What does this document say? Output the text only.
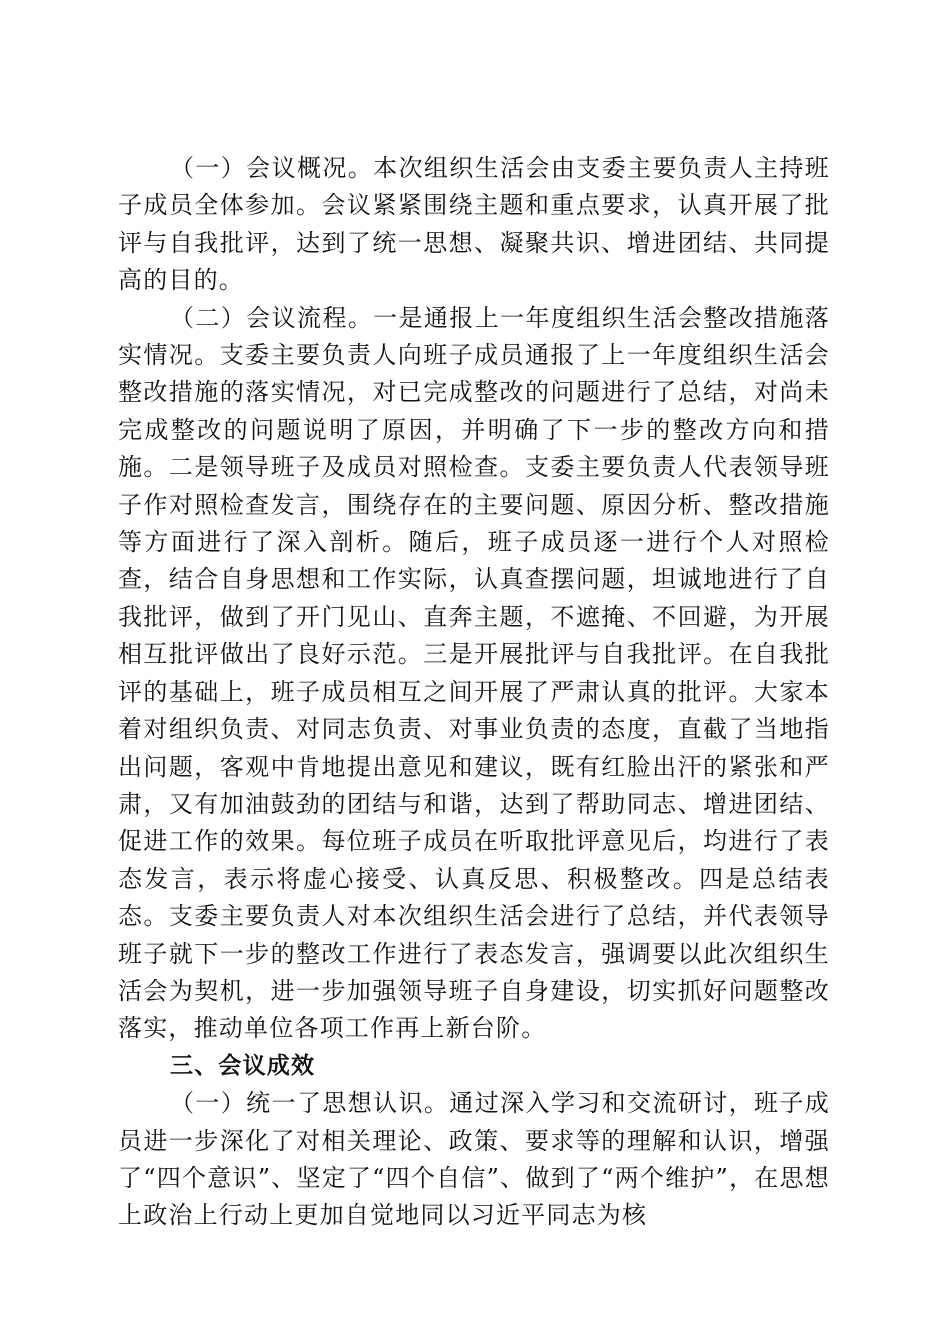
（一）会议概况。本次组织生活会由支委主要负责人主持班子成员全体参加。会议紧紧围绕主题和重点要求，认真开展了批评与自我批评，达到了统一思想、凝聚共识、增进团结、共同提高的目的。

（二）会议流程。一是通报上一年度组织生活会整改措施落实情况。支委主要负责人向班子成员通报了上一年度组织生活会整改措施的落实情况，对已完成整改的问题进行了总结，对尚未完成整改的问题说明了原因，并明确了下一步的整改方向和措施。二是领导班子及成员对照检查。支委主要负责人代表领导班子作对照检查发言，围绕存在的主要问题、原因分析、整改措施等方面进行了深入剖析。随后，班子成员逐一进行个人对照检查，结合自身思想和工作实际，认真查摆问题，坦诚地进行了自我批评，做到了开门见山、直奔主题，不遮掩、不回避，为开展相互批评做出了良好示范。三是开展批评与自我批评。在自我批评的基础上，班子成员相互之间开展了严肃认真的批评。大家本着对组织负责、对同志负责、对事业负责的态度，直截了当地指出问题，客观中肯地提出意见和建议，既有红脸出汗的紧张和严肃，又有加油鼓劲的团结与和谐，达到了帮助同志、增进团结、促进工作的效果。每位班子成员在听取批评意见后，均进行了表态发言，表示将虚心接受、认真反思、积极整改。四是总结表态。支委主要负责人对本次组织生活会进行了总结，并代表领导班子就下一步的整改工作进行了表态发言，强调要以此次组织生活会为契机，进一步加强领导班子自身建设，切实抓好问题整改落实，推动单位各项工作再上新台阶。

三、会议成效

（一）统一了思想认识。通过深入学习和交流研讨，班子成员进一步深化了对相关理论、政策、要求等的理解和认识，增强了“四个意识”、坚定了“四个自信”、做到了“两个维护”，在思想上政治上行动上更加自觉地同以习近平同志为核
